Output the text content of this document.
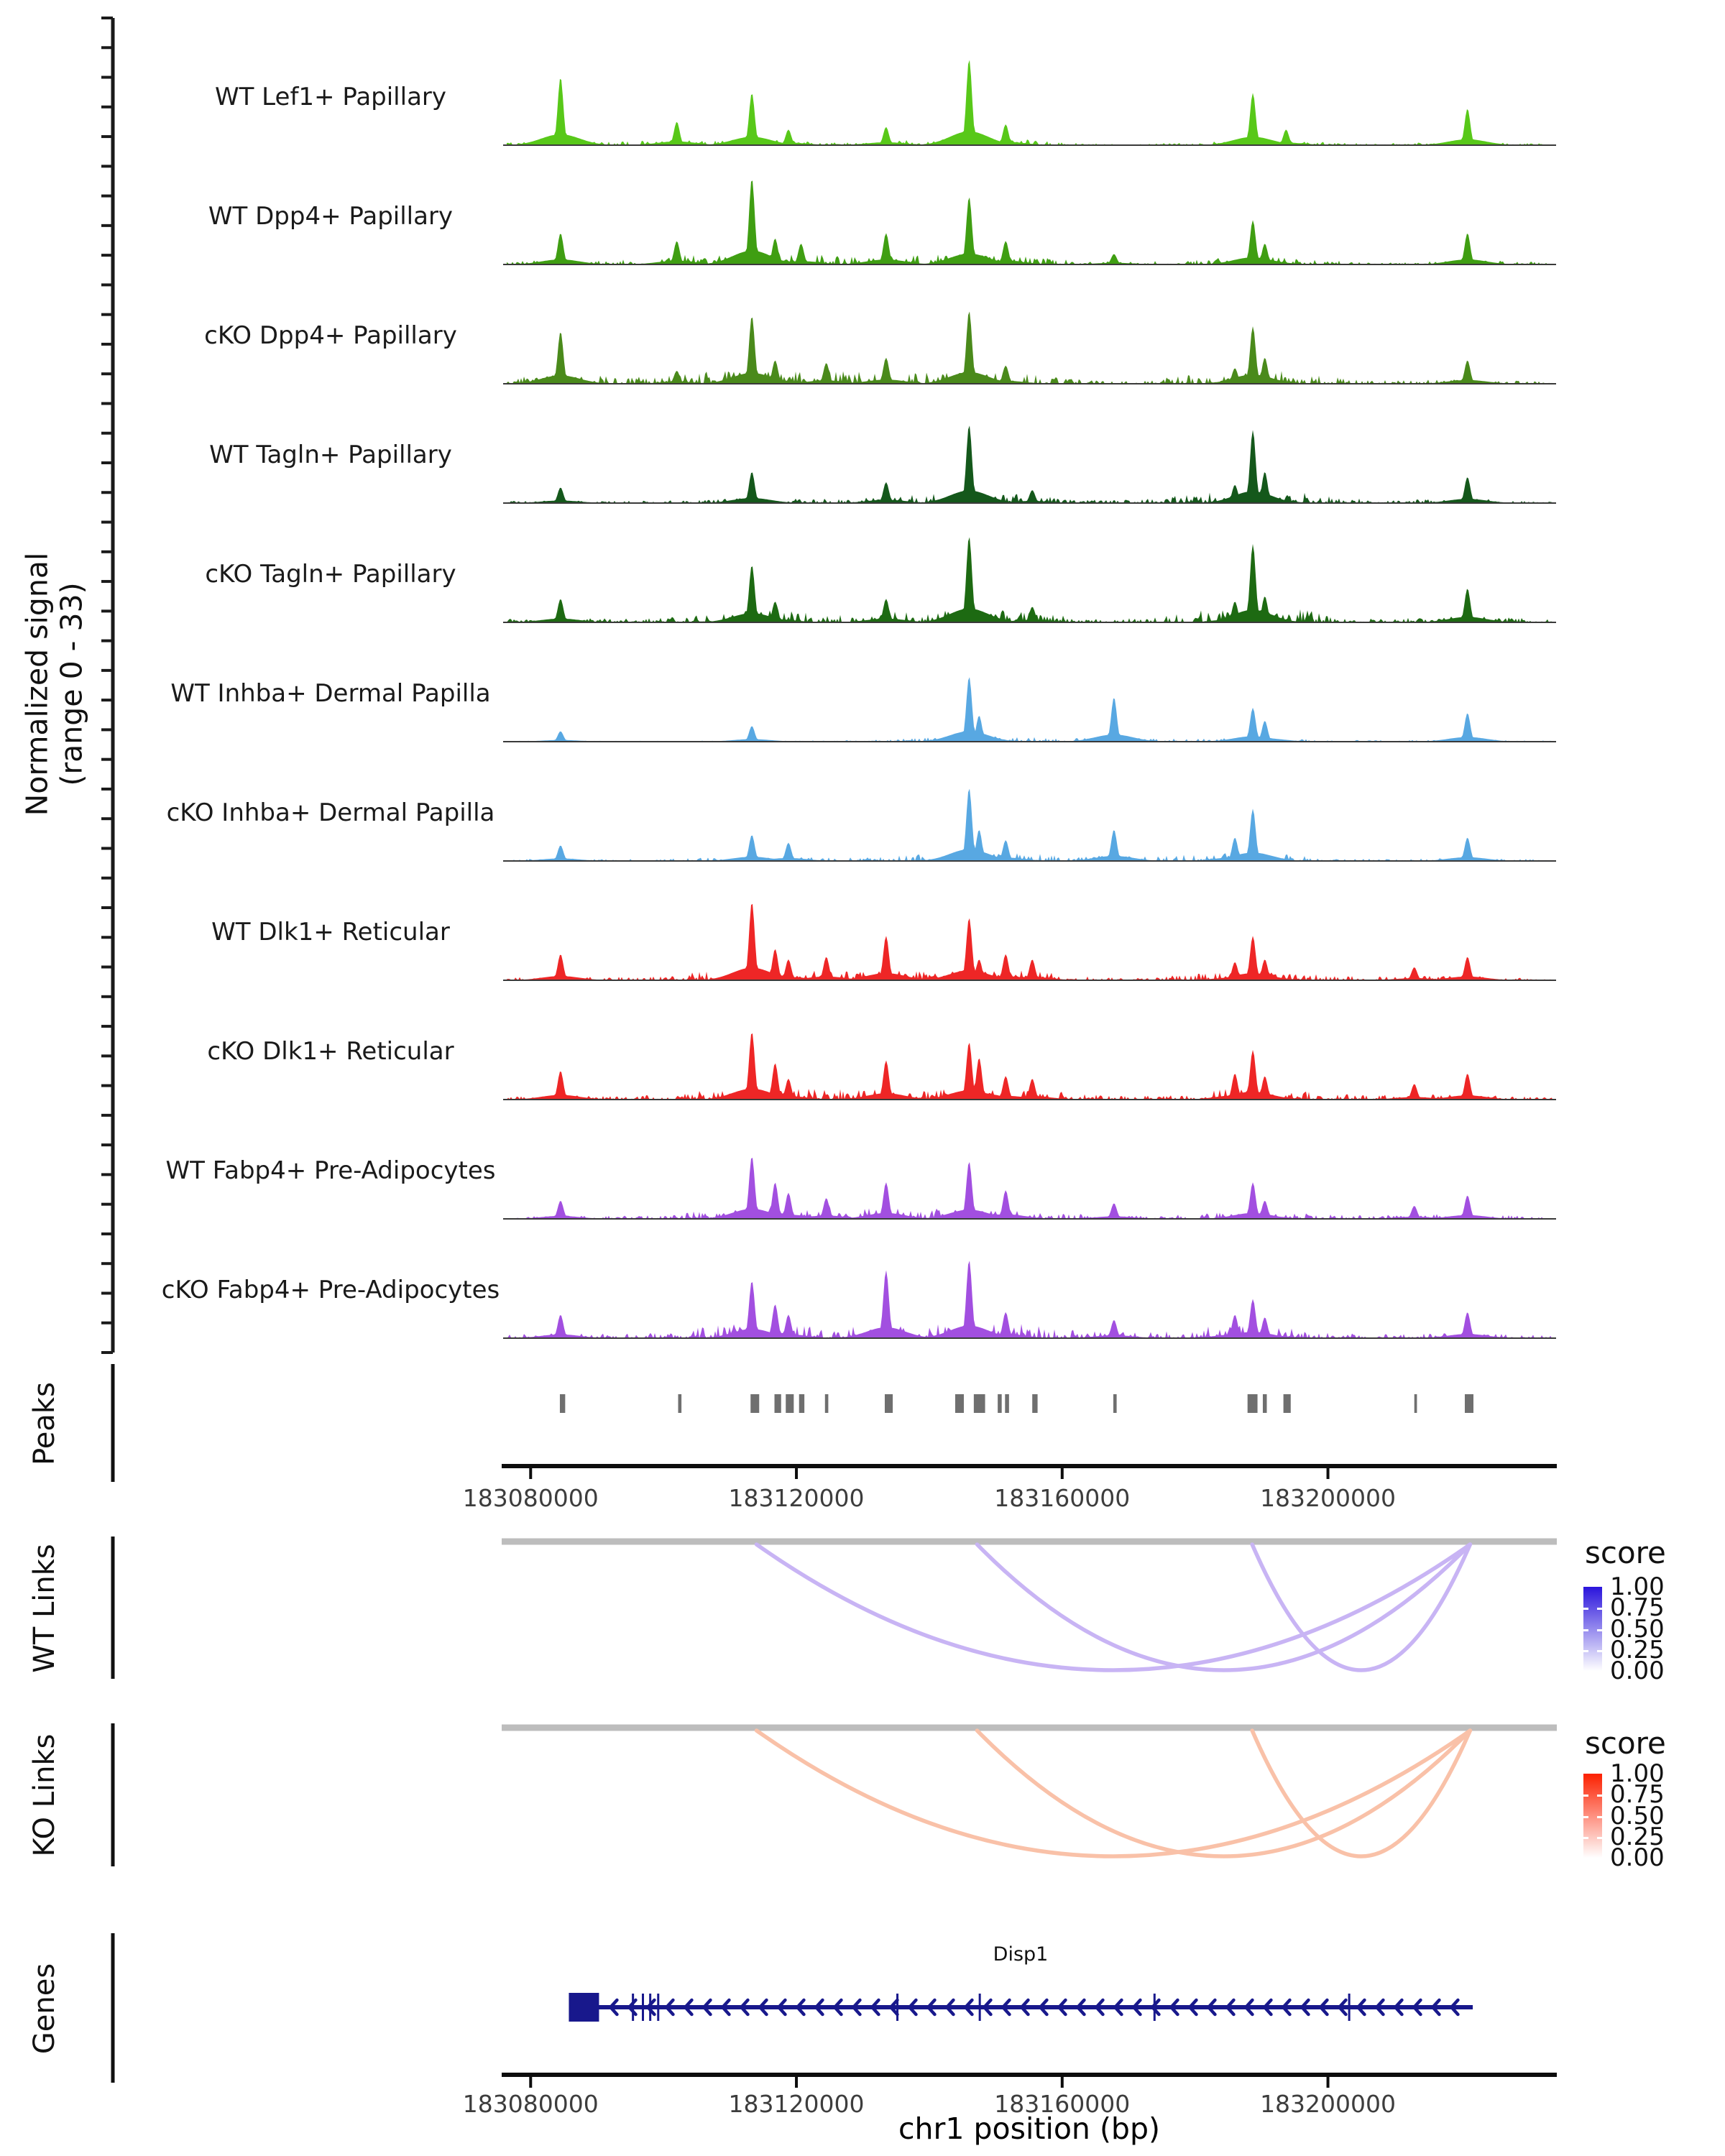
Normalized signal (range 0 - 33)
Peaks
WT Links
KO Links
Genes
WT Lef1+ Papillary
WT Dpp4+ Papillary
cKO Dpp4+ Papillary
WT Tagln+ Papillary
cKO Tagln+ Papillary
WT Inhba+ Dermal Papilla
cKO Inhba+ Dermal Papilla
WT Dlk1+ Reticular
cKO Dlk1+ Reticular
WT Fabp4+ Pre-Adipocytes
cKO Fabp4+ Pre-Adipocytes
183080000	183120000	183160000	183200000
183080000	183120000	183160000	183200000
chr1 position (bp)
Disp1
score
1.00
0.75
0.50
0.25
0.00
score
1.00
0.75
0.50
0.25
0.00
